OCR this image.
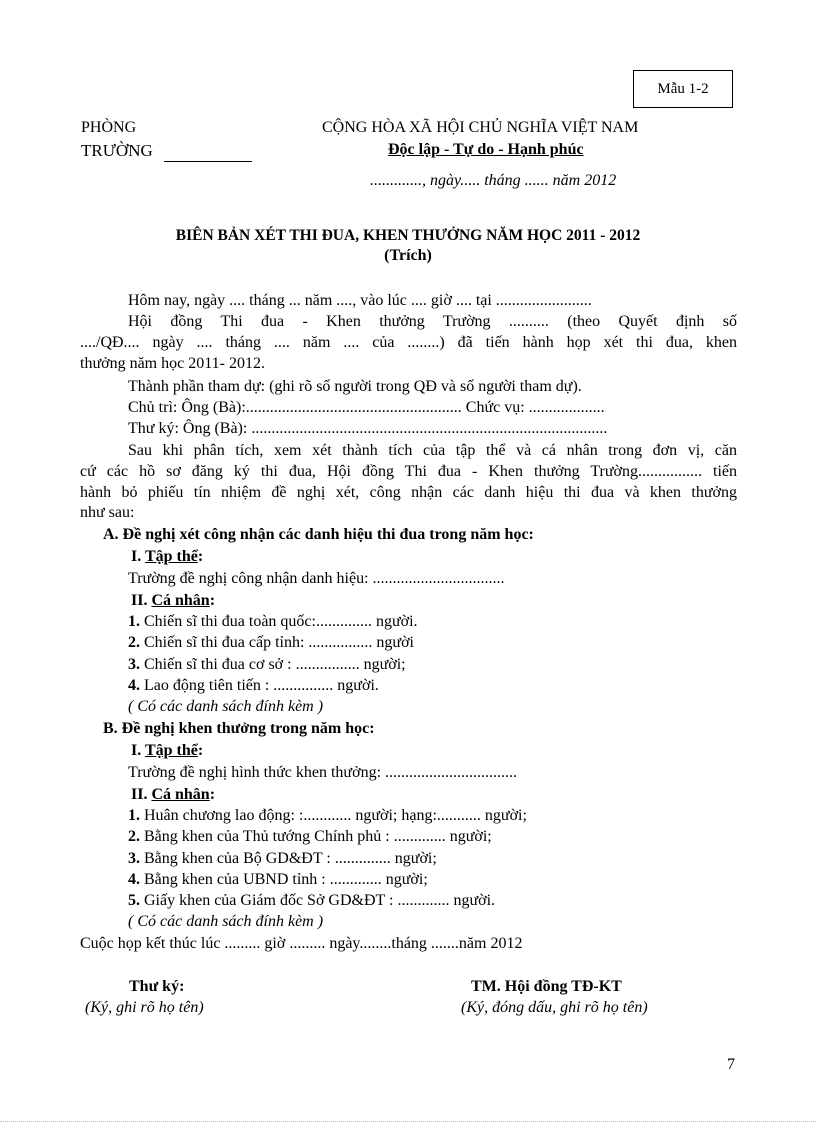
Mẫu 1-2
PHÒNG
TRƯỜNG
CỘNG HÒA XÃ HỘI CHỦ NGHĨA VIỆT NAM
Độc lập - Tự do - Hạnh phúc
............., ngày..... tháng ...... năm 2012
BIÊN BẢN XÉT THI ĐUA, KHEN THƯỞNG NĂM HỌC 2011 - 2012
(Trích)
Hôm nay, ngày .... tháng ... năm ...., vào lúc .... giờ .... tại ........................
Hội đồng Thi đua - Khen thưởng Trường .......... (theo Quyết định số
..../QĐ.... ngày .... tháng .... năm .... của ........) đã tiến hành họp xét thi đua, khen
thưởng năm học 2011- 2012.
Thành phần tham dự: (ghi rõ số người trong QĐ và số người tham dự).
Chủ trì: Ông (Bà):...................................................... Chức vụ: ...................
Thư ký: Ông (Bà): .........................................................................................
Sau khi phân tích, xem xét thành tích của tập thể và cá nhân trong đơn vị, căn
cứ các hồ sơ đăng ký thi đua, Hội đồng Thi đua - Khen thưởng Trường................ tiến
hành bỏ phiếu tín nhiệm đề nghị xét, công nhận các danh hiệu thi đua và khen thưởng
như sau:
A. Đề nghị xét công nhận các danh hiệu thi đua trong năm học:
I. Tập thể:
Trường đề nghị công nhận danh hiệu: .................................
II. Cá nhân:
1. Chiến sĩ thi đua toàn quốc:.............. người.
2. Chiến sĩ thi đua cấp tỉnh: ................ người
3. Chiến sĩ thi đua cơ sở : ................ người;
4. Lao động tiên tiến : ............... người.
( Có các danh sách đính kèm )
B. Đề nghị khen thưởng trong năm học:
I. Tập thể:
Trường đề nghị hình thức khen thưởng: .................................
II. Cá nhân:
1. Huân chương lao động: :............ người; hạng:........... người;
2. Bằng khen của Thủ tướng Chính phủ : ............. người;
3. Bằng khen của Bộ GD&ĐT : .............. người;
4. Bằng khen của UBND tỉnh : ............. người;
5. Giấy khen của Giám đốc Sở GD&ĐT : ............. người.
( Có các danh sách đính kèm )
Cuộc họp kết thúc lúc ......... giờ ......... ngày........tháng .......năm 2012
Thư ký:
(Ký, ghi rõ họ tên)
TM. Hội đồng TĐ-KT
(Ký, đóng dấu, ghi rõ họ tên)
7
